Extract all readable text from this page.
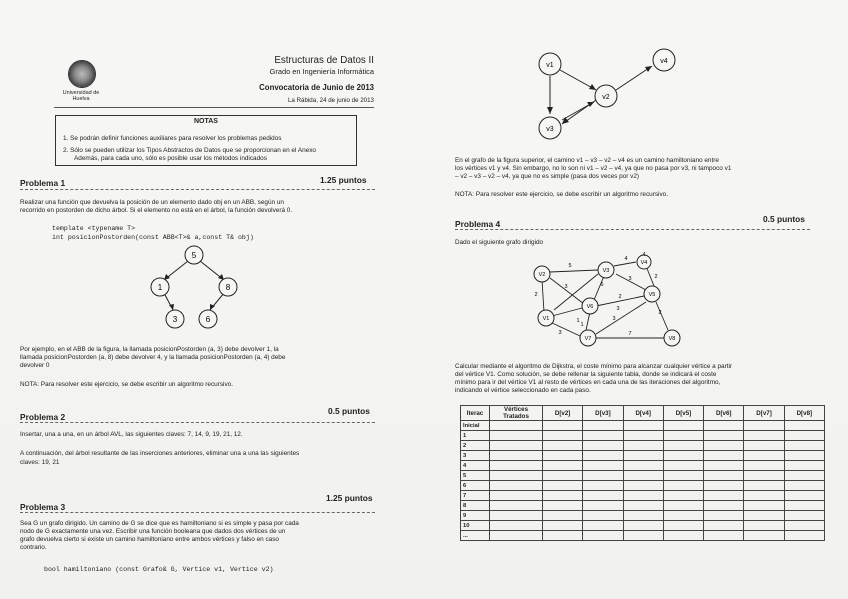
Universidad de Huelva
Estructuras de Datos II
Grado en Ingeniería Informática
Convocatoria de Junio de 2013
La Rábida, 24 de junio de 2013
NOTAS
1. Se podrán definir funciones auxiliares para resolver los problemas pedidos
2. Sólo se pueden utilizar los Tipos Abstractos de Datos que se proporcionan en el Anexo
Además, para cada uno, sólo es posible usar los métodos indicados
Problema 1	1.25 puntos
Realizar una función que devuelva la posición de un elemento dado obj en un ABB, según un
recorrido en postorden de dicho árbol. Si el elemento no está en el árbol, la función devolverá 0.
template <typename T>
int posicionPostorden(const ABB<T>& a,const T& obj)
5
1	8
3	6
Por ejemplo, en el ABB de la figura, la llamada posicionPostorden (a, 3) debe devolver 1, la
llamada posicionPostorden (a, 8) debe devolver 4, y la llamada posicionPostorden (a, 4) debe
devolver 0
NOTA: Para resolver este ejercicio, se debe escribir un algoritmo recursivo.
Problema 2
0.5 puntos
Insertar, una a una, en un árbol AVL, las siguientes claves: 7, 14, 9, 19, 21, 12.
A continuación, del árbol resultante de las inserciones anteriores, eliminar una a una las siguientes
claves: 19, 21
Problema 3
1.25 puntos
Sea G un grafo dirigido. Un camino de G se dice que es hamiltoniano si es simple y pasa por cada
nodo de G exactamente una vez. Escribir una función booleana que dados dos vértices de un
grafo devuelva cierto si existe un camino hamiltoniano entre ambos vértices y falso en caso
contrario.
bool hamiltoniano (const Grafo& G, Vertice v1, Vertice v2)
v1
v2
v3
v4
En el grafo de la figura superior, el camino v1 – v3 – v2 – v4 es un camino hamiltoniano entre
los vértices v1 y v4. Sin embargo, no lo son ni v1 – v2 – v4, ya que no pasa por v3, ni tampoco v1
– v2 – v3 – v2 – v4, ya que no es simple (pasa dos veces por v2)
NOTA: Para resolver este ejercicio, se debe escribir un algoritmo recursivo.
Problema 4	0.5 puntos
Dado el siguiente grafo dirigido
V2
V3
V4
V5
V6
V1
V7	V8
5
4
3
2
3
2
1
3
2
6
1
2
7
3
4
3
Calcular mediante el algoritmo de Dijkstra, el coste mínimo para alcanzar cualquier vértice a partir
del vértice V1. Como solución, se debe rellenar la siguiente tabla, donde se indicará el coste
mínimo para ir del vértice V1 al resto de vértices en cada una de las iteraciones del algoritmo,
indicando el vértice seleccionado en cada paso.
Iterac	Vértices Tratados	D[v2]	D[v3]	D[v4]	D[v5]	D[v6]	D[v7]	D[v8]
Inicial								
1								
2								
3								
4								
5								
6								
7								
8								
9								
10								
...								
